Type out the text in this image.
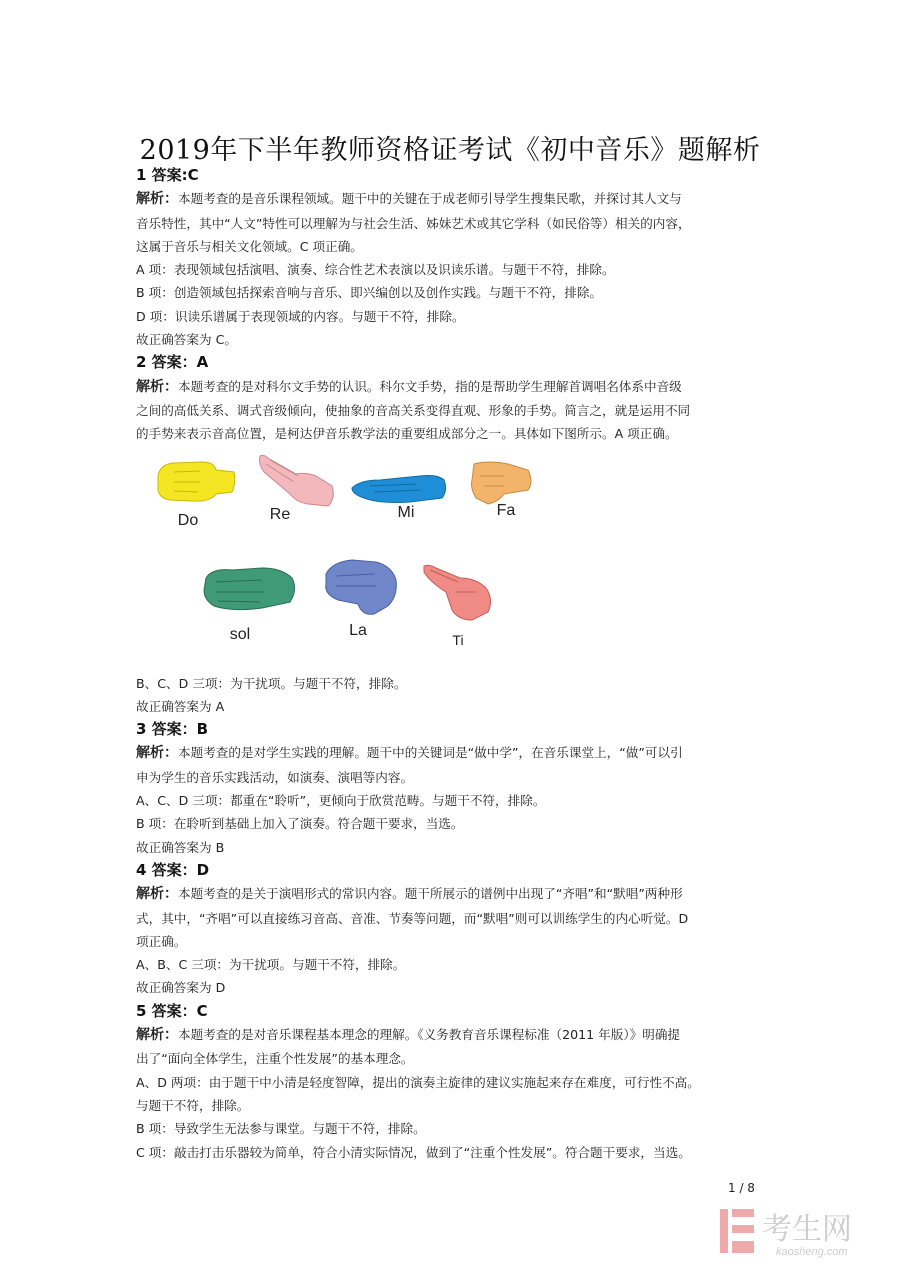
2019年下半年教师资格证考试《初中音乐》题解析
1 答案:C
解析：本题考查的是音乐课程领域。题干中的关键在于成老师引导学生搜集民歌，并探讨其人文与
音乐特性，其中“人文”特性可以理解为与社会生活、姊妹艺术或其它学科（如民俗等）相关的内容，
这属于音乐与相关文化领域。C 项正确。
A 项：表现领域包括演唱、演奏、综合性艺术表演以及识读乐谱。与题干不符，排除。
B 项：创造领域包括探索音响与音乐、即兴编创以及创作实践。与题干不符，排除。
D 项：识读乐谱属于表现领域的内容。与题干不符，排除。
故正确答案为 C。
2 答案：A
解析：本题考查的是对科尔文手势的认识。科尔文手势，指的是帮助学生理解首调唱名体系中音级
之间的高低关系、调式音级倾向，使抽象的音高关系变得直观、形象的手势。简言之，就是运用不同
的手势来表示音高位置，是柯达伊音乐教学法的重要组成部分之一。具体如下图所示。A 项正确。
Do	Re	Mi	Fa
sol	La
Ti
B、C、D 三项：为干扰项。与题干不符，排除。
故正确答案为 A
3 答案：B
解析：本题考查的是对学生实践的理解。题干中的关键词是“做中学”，在音乐课堂上，“做”可以引
申为学生的音乐实践活动，如演奏、演唱等内容。
A、C、D 三项：都重在“聆听”，更倾向于欣赏范畴。与题干不符，排除。
B 项：在聆听到基础上加入了演奏。符合题干要求，当选。
故正确答案为 B
4 答案：D
解析：本题考查的是关于演唱形式的常识内容。题干所展示的谱例中出现了“齐唱”和“默唱”两种形
式，其中，“齐唱”可以直接练习音高、音准、节奏等问题，而“默唱”则可以训练学生的内心听觉。D
项正确。
A、B、C 三项：为干扰项。与题干不符，排除。
故正确答案为 D
5 答案：C
解析：本题考查的是对音乐课程基本理念的理解。《义务教育音乐课程标准（2011 年版）》明确提
出了“面向全体学生，注重个性发展”的基本理念。
A、D 两项：由于题干中小清是轻度智障，提出的演奏主旋律的建议实施起来存在难度，可行性不高。
与题干不符，排除。
B 项：导致学生无法参与课堂。与题干不符，排除。
C 项：敲击打击乐器较为简单，符合小清实际情况，做到了“注重个性发展”。符合题干要求，当选。
1 / 8
考生网
kaosheng.com
